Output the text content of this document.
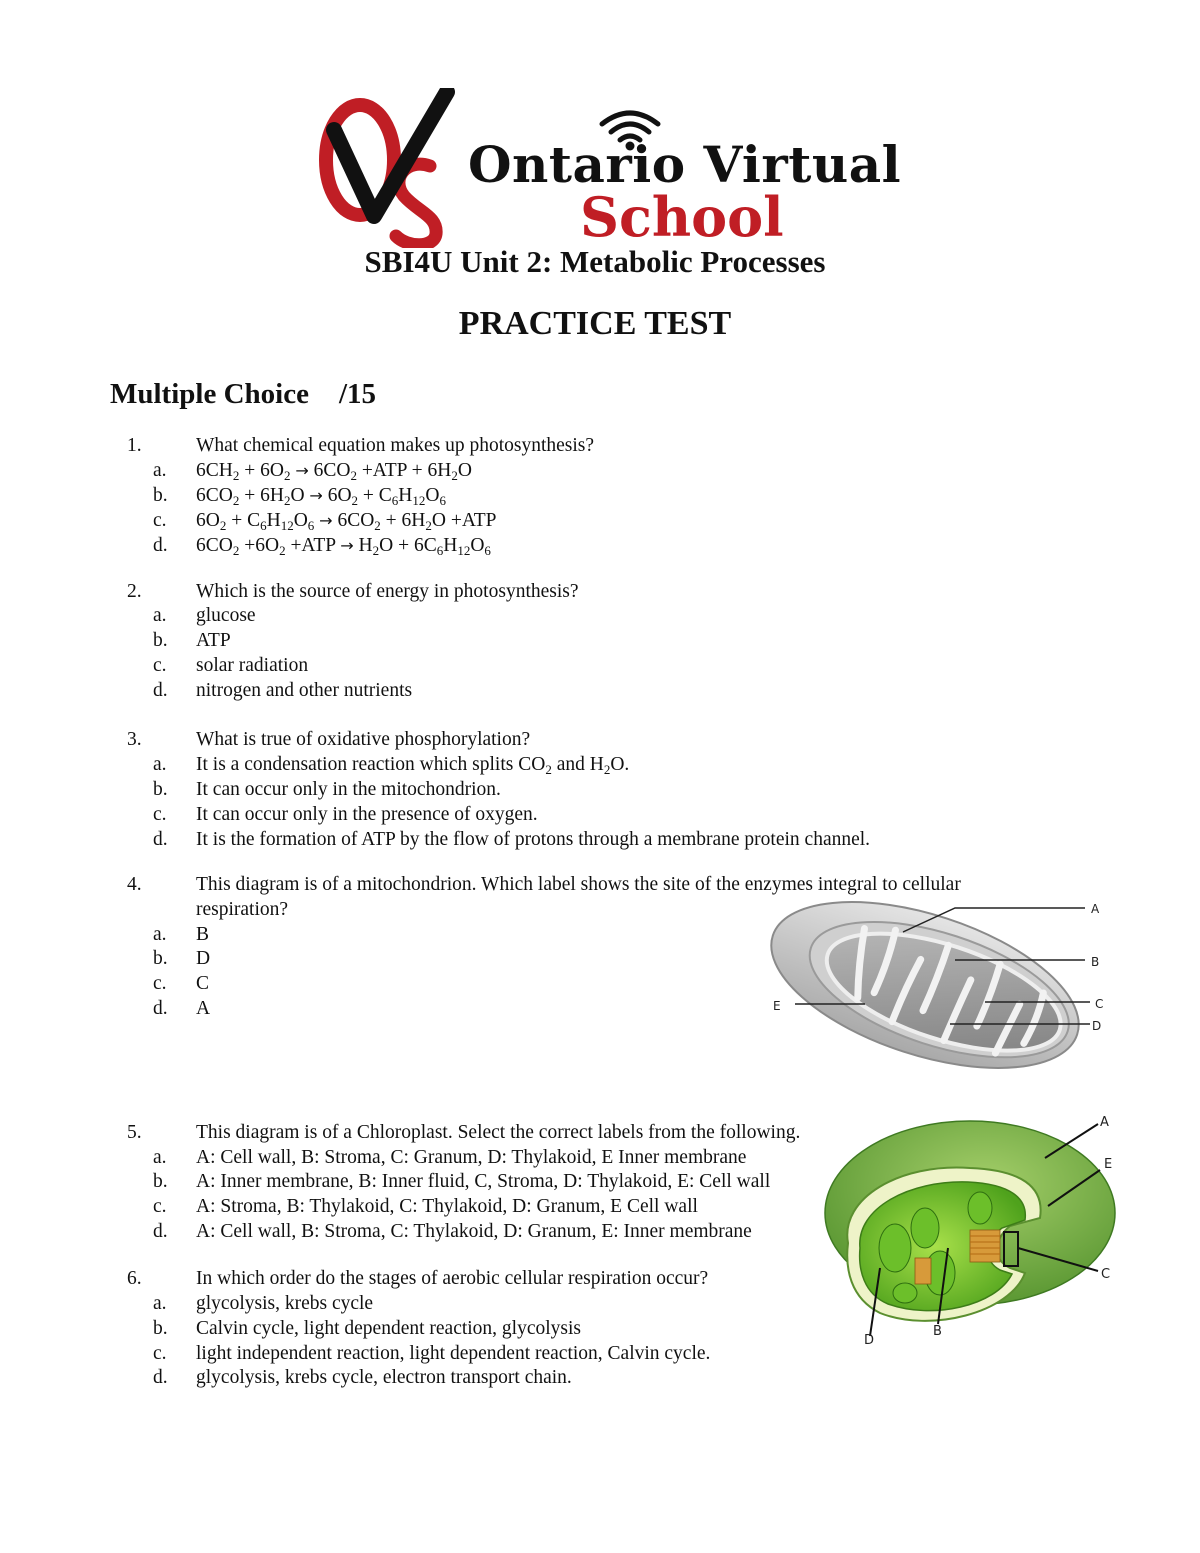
Ontario Virtual
School
SBI4U Unit 2: Metabolic Processes
PRACTICE TEST
Multiple Choice /15
1.	What chemical equation makes up photosynthesis?
a. $6CH_2 + 6O_2 \to 6CO_2 +ATP + 6H_2O$
b. $6CO_2 + 6H_2O \to 6O_2 + C_6H_{12}O_6$
c. $6O_2 + C_6H_{12}O_6 \to 6CO_2 + 6H_2O +ATP$
d. $6CO_2 +6O_2 +ATP \to H_2O + 6C_6H_{12}O_6$
2.	Which is the source of energy in photosynthesis?
a. glucose
b. ATP
c. solar radiation
d. nitrogen and other nutrients
3.	What is true of oxidative phosphorylation?
a. It is a condensation reaction which splits $CO_2$ and $H_2O$.
b. It can occur only in the mitochondrion.
c. It can occur only in the presence of oxygen.
d. It is the formation of ATP by the flow of protons through a membrane protein channel.
4.	This diagram is of a mitochondrion. Which label shows the site of the enzymes integral to cellular
respiration?
a. B
b. D
c. C
d. A
A
B
C
D
E
5.	This diagram is of a Chloroplast. Select the correct labels from the following.
a. A: Cell wall, B: Stroma, C: Granum, D: Thylakoid, E Inner membrane
b. A: Inner membrane, B: Inner fluid, C, Stroma, D: Thylakoid, E: Cell wall
c. A: Stroma, B: Thylakoid, C: Thylakoid, D: Granum, E Cell wall
d. A: Cell wall, B: Stroma, C: Thylakoid, D: Granum, E: Inner membrane
A
E
C
D
B
6.	In which order do the stages of aerobic cellular respiration occur?
a. glycolysis, krebs cycle
b. Calvin cycle, light dependent reaction, glycolysis
c. light independent reaction, light dependent reaction, Calvin cycle.
d. glycolysis, krebs cycle, electron transport chain.
